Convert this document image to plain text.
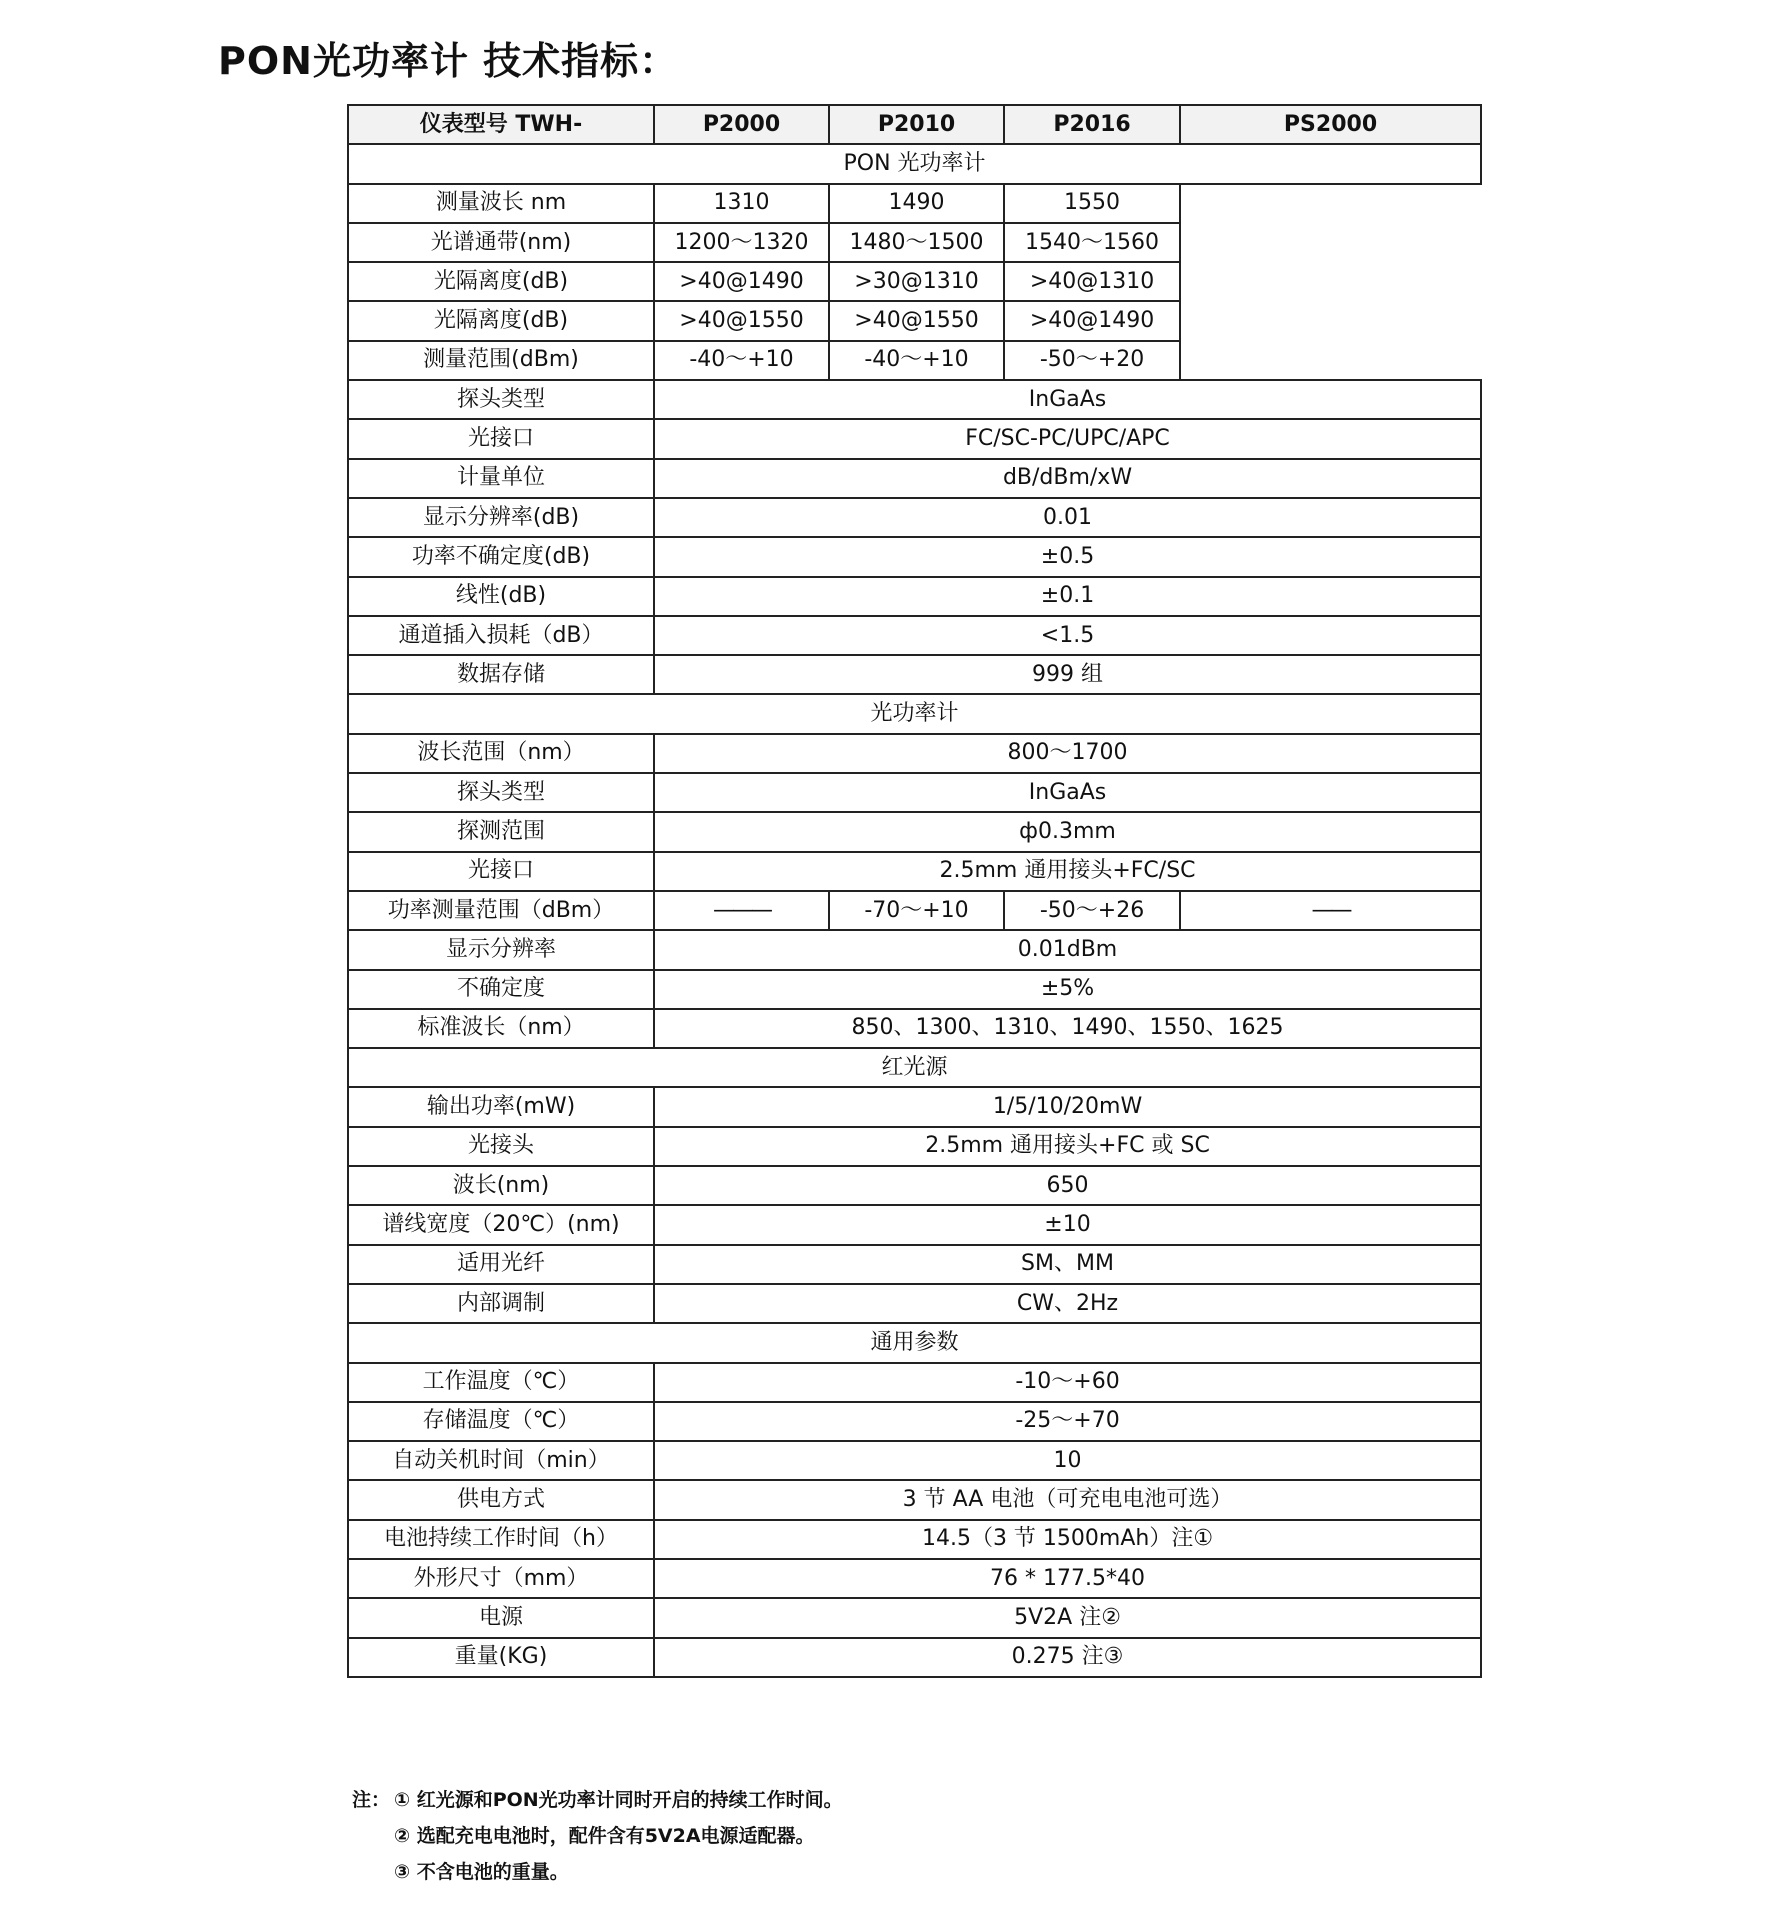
PON光功率计 技术指标：
仪表型号 TWH-	P2000	P2010	P2016	PS2000
PON 光功率计				
测量波长 nm	1310	1490	1550	
光谱通带(nm)	1200～1320	1480～1500	1540～1560	
光隔离度(dB)	>40@1490	>30@1310	>40@1310	
光隔离度(dB)	>40@1550	>40@1550	>40@1490	
测量范围(dBm)	-40～+10	-40～+10	-50～+20	
探头类型	InGaAs			
光接口	FC/SC-PC/UPC/APC			
计量单位	dB/dBm/xW			
显示分辨率(dB)	0.01			
功率不确定度(dB)	±0.5			
线性(dB)	±0.1			
通道插入损耗（dB）	<1.5			
数据存储	999 组			
光功率计				
波长范围（nm）	800～1700			
探头类型	InGaAs			
探测范围	ф0.3mm			
光接口	2.5mm 通用接头+FC/SC			
功率测量范围（dBm）	———	-70～+10	-50～+26	——
显示分辨率	0.01dBm			
不确定度	±5%			
标准波长（nm）	850、1300、1310、1490、1550、1625			
红光源				
输出功率(mW)	1/5/10/20mW			
光接头	2.5mm 通用接头+FC 或 SC			
波长(nm)	650			
谱线宽度（20℃）(nm)	±10			
适用光纤	SM、MM			
内部调制	CW、2Hz			
通用参数				
工作温度（℃）	-10～+60			
存储温度（℃）	-25～+70			
自动关机时间（min）	10			
供电方式	3 节 AA 电池（可充电电池可选）			
电池持续工作时间（h）	14.5（3 节 1500mAh）注①			
外形尺寸（mm）	76 * 177.5*40			
电源	5V2A 注②			
重量(KG)	0.275 注③			
注： ① 红光源和PON光功率计同时开启的持续工作时间。
② 选配充电电池时，配件含有5V2A电源适配器。
③ 不含电池的重量。
